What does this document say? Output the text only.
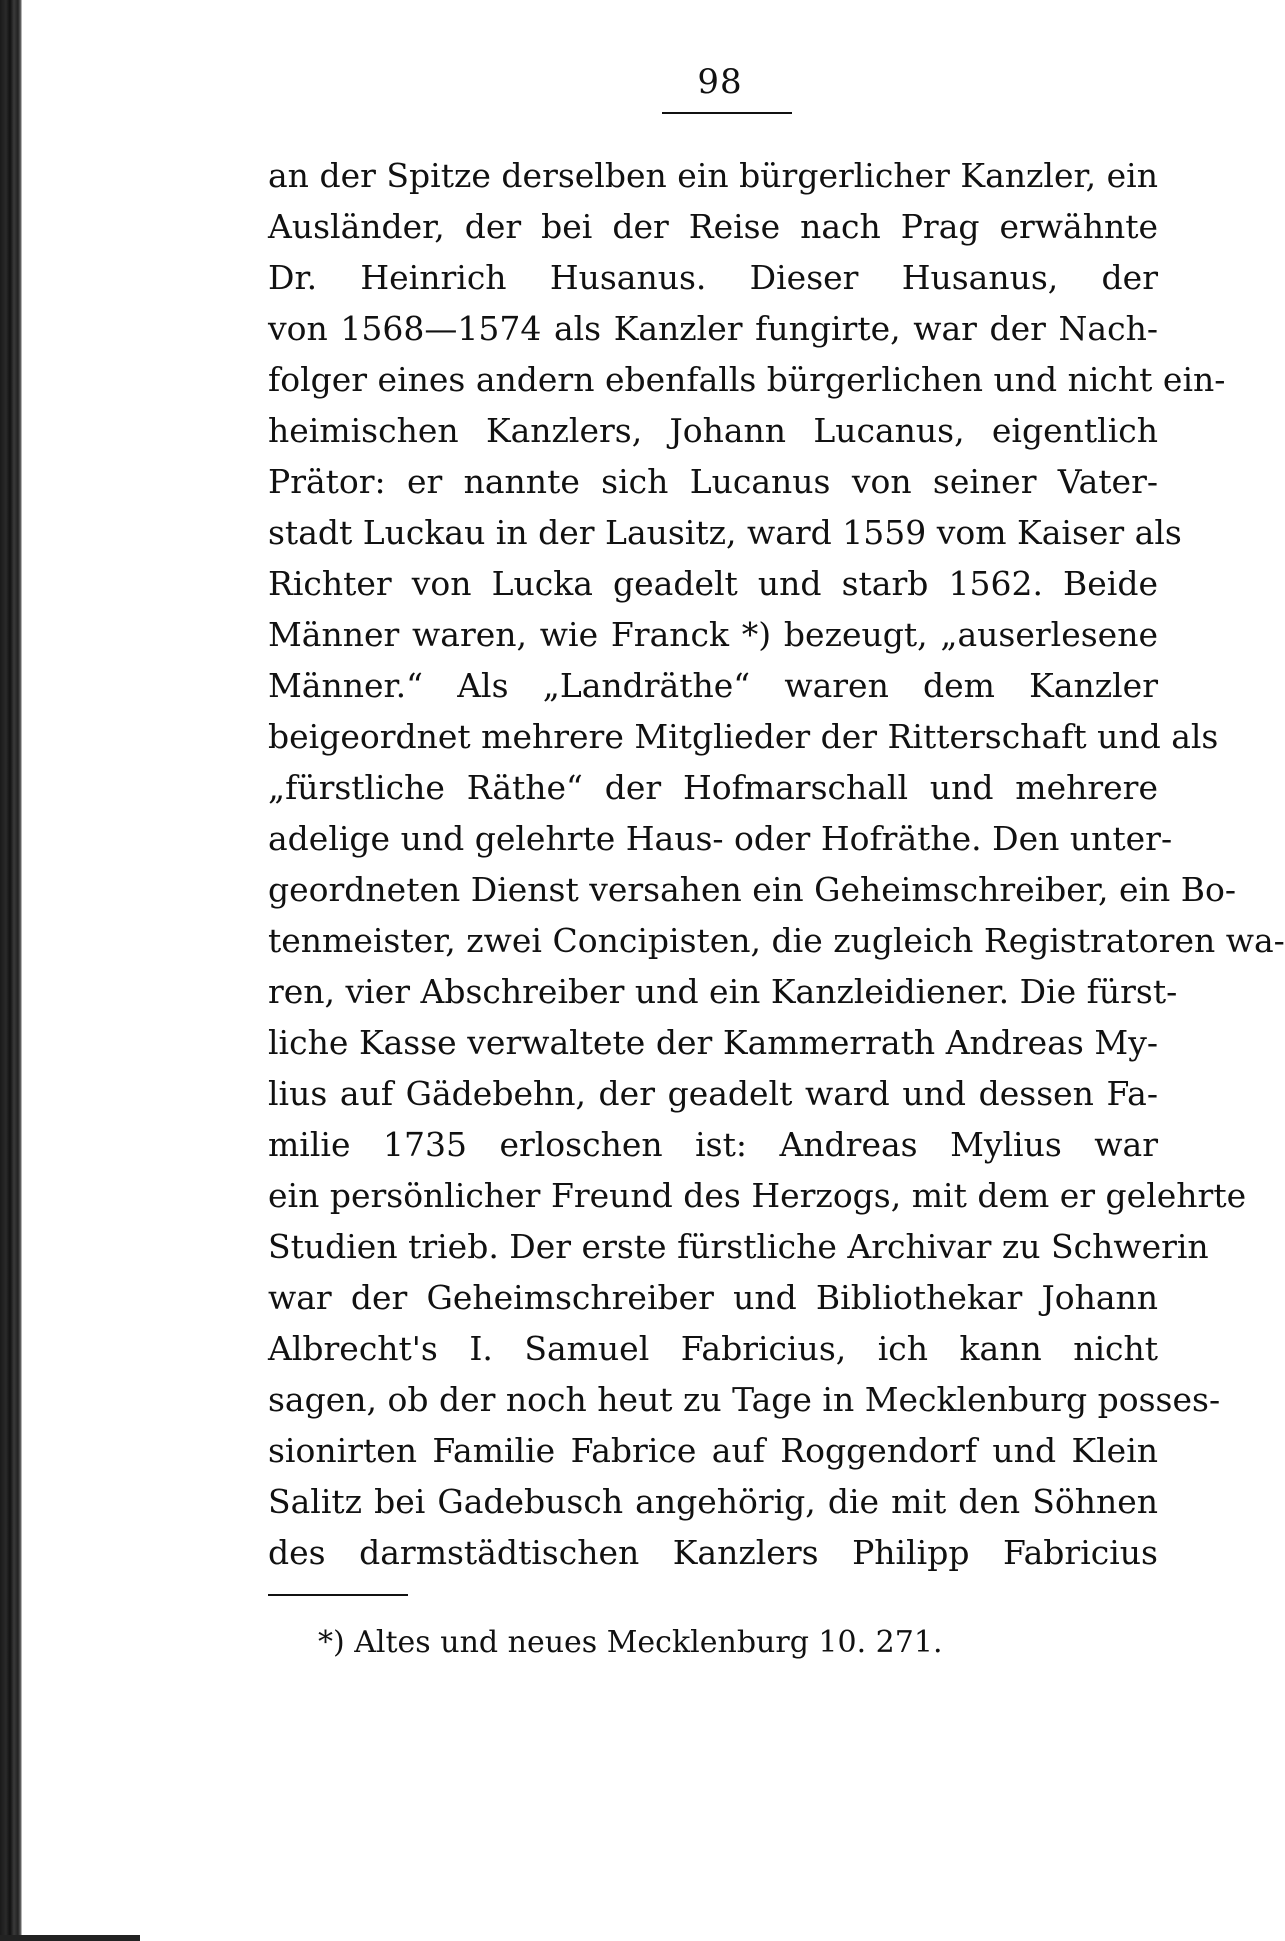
98
an der Spitze derselben ein bürgerlicher Kanzler, ein
Ausländer, der bei der Reise nach Prag erwähnte
Dr. Heinrich Husanus. Dieser Husanus, der
von 1568—1574 als Kanzler fungirte, war der Nach-
folger eines andern ebenfalls bürgerlichen und nicht ein-
heimischen Kanzlers, Johann Lucanus, eigentlich
Prätor: er nannte sich Lucanus von seiner Vater-
stadt Luckau in der Lausitz, ward 1559 vom Kaiser als
Richter von Lucka geadelt und starb 1562. Beide
Männer waren, wie Franck *) bezeugt, „auserlesene
Männer.“ Als „Landräthe“ waren dem Kanzler
beigeordnet mehrere Mitglieder der Ritterschaft und als
„fürstliche Räthe“ der Hofmarschall und mehrere
adelige und gelehrte Haus- oder Hofräthe. Den unter-
geordneten Dienst versahen ein Geheimschreiber, ein Bo-
tenmeister, zwei Concipisten, die zugleich Registratoren wa-
ren, vier Abschreiber und ein Kanzleidiener. Die fürst-
liche Kasse verwaltete der Kammerrath Andreas My-
lius auf Gädebehn, der geadelt ward und dessen Fa-
milie 1735 erloschen ist: Andreas Mylius war
ein persönlicher Freund des Herzogs, mit dem er gelehrte
Studien trieb. Der erste fürstliche Archivar zu Schwerin
war der Geheimschreiber und Bibliothekar Johann
Albrecht's I. Samuel Fabricius, ich kann nicht
sagen, ob der noch heut zu Tage in Mecklenburg posses-
sionirten Familie Fabrice auf Roggendorf und Klein
Salitz bei Gadebusch angehörig, die mit den Söhnen
des darmstädtischen Kanzlers Philipp Fabricius
*) Altes und neues Mecklenburg 10. 271.
